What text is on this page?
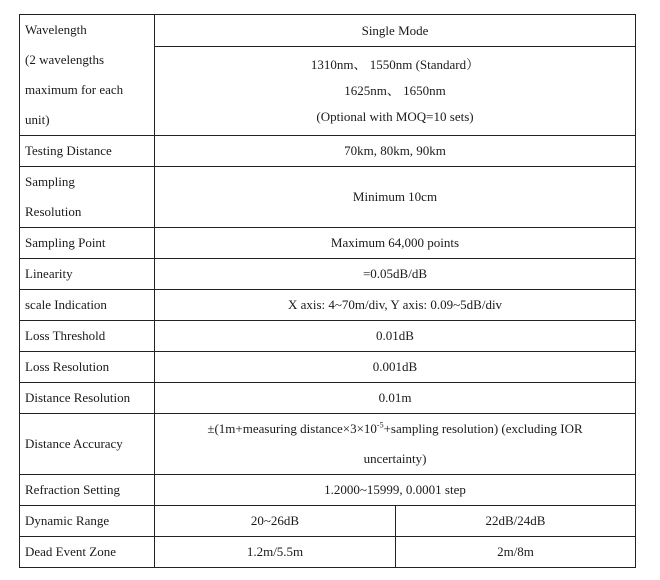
Wavelength
(2 wavelengths
maximum for each
unit)	Single Mode	

	1310nm、 1550nm (Standard）
1625nm、 1650nm
(Optional with MOQ=10 sets)	

Testing Distance	70km, 80km, 90km	

Sampling
Resolution	Minimum 10cm	
Sampling Point	Maximum 64,000 points	
Linearity	=0.05dB/dB	
scale Indication	X axis: 4~70m/div, Y axis: 0.09~5dB/div	
Loss Threshold	0.01dB	
Loss Resolution	0.001dB	
Distance Resolution	0.01m	
Distance Accuracy	±(1m+measuring $distance\times 3\times 10^{-5}+sampling$ resolution) (excluding IOR
uncertainty)	

Refraction Setting	1.2000~15999, 0.0001 step	
Dynamic Range	20~26dB	22dB/24dB
Dead Event Zone	1.2m/5.5m	2m/8m
